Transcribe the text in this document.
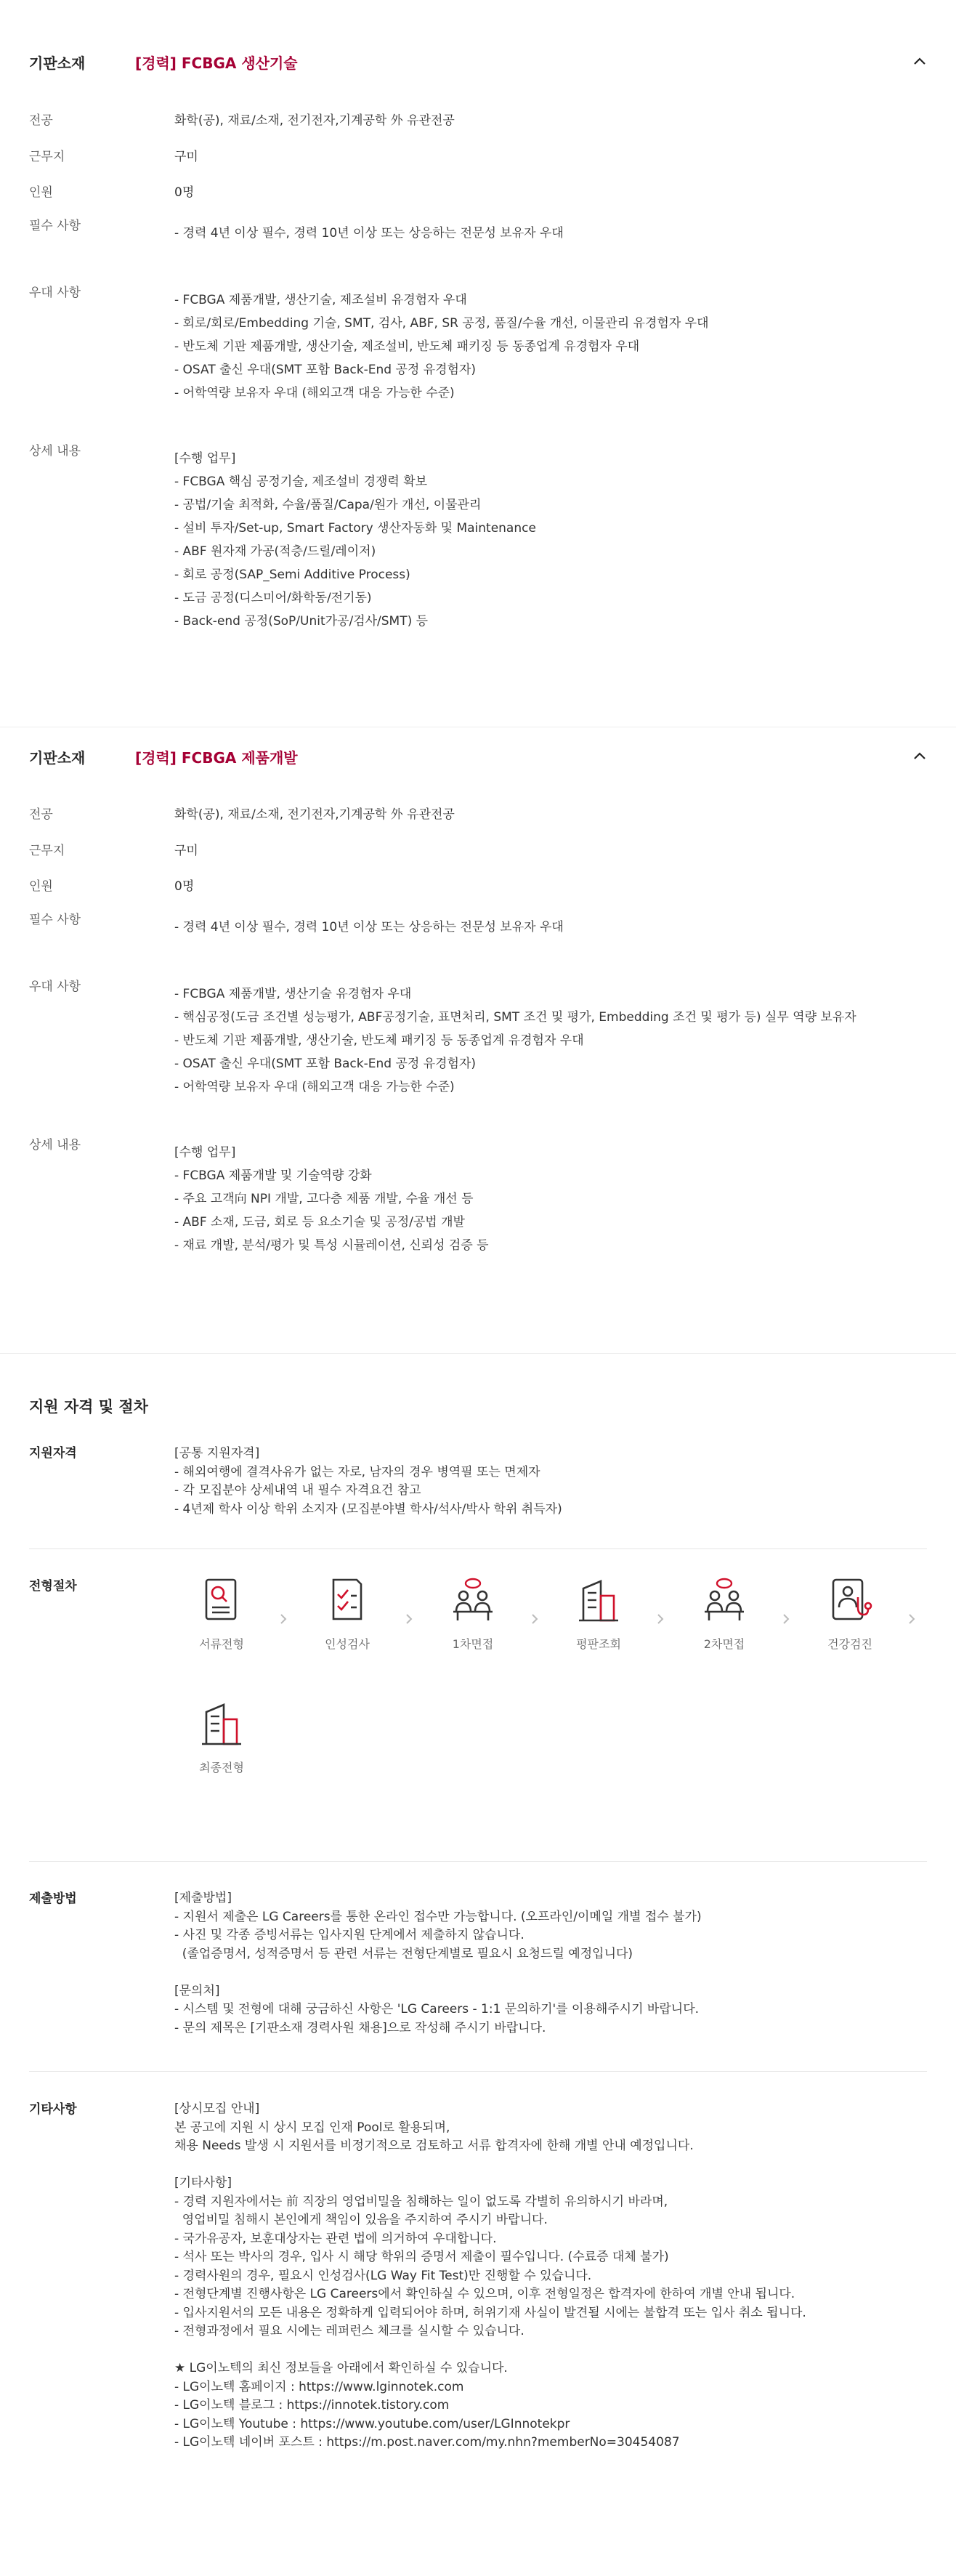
기판소재	[경력] FCBGA 생산기술
전공	화학(공), 재료/소재, 전기전자,기계공학 外 유관전공
근무지	구미
인원	0명
필수 사항	- 경력 4년 이상 필수, 경력 10년 이상 또는 상응하는 전문성 보유자 우대
우대 사항	- FCBGA 제품개발, 생산기술, 제조설비 유경험자 우대
- 회로/회로/Embedding 기술, SMT, 검사, ABF, SR 공정, 품질/수율 개선, 이물관리 유경험자 우대
- 반도체 기판 제품개발, 생산기술, 제조설비, 반도체 패키징 등 동종업계 유경험자 우대
- OSAT 출신 우대(SMT 포함 Back-End 공정 유경험자)
- 어학역량 보유자 우대 (해외고객 대응 가능한 수준)
상세 내용	[수행 업무]
- FCBGA 핵심 공정기술, 제조설비 경쟁력 확보
- 공법/기술 최적화, 수율/품질/Capa/원가 개선, 이물관리
- 설비 투자/Set-up, Smart Factory 생산자동화 및 Maintenance
- ABF 원자재 가공(적층/드릴/레이저)
- 회로 공정(SAP_Semi Additive Process)
- 도금 공정(디스미어/화학동/전기동)
- Back-end 공정(SoP/Unit가공/검사/SMT) 등
기판소재	[경력] FCBGA 제품개발
전공	화학(공), 재료/소재, 전기전자,기계공학 外 유관전공
근무지	구미
인원	0명
필수 사항	- 경력 4년 이상 필수, 경력 10년 이상 또는 상응하는 전문성 보유자 우대
우대 사항	- FCBGA 제품개발, 생산기술 유경험자 우대
- 핵심공정(도금 조건별 성능평가, ABF공정기술, 표면처리, SMT 조건 및 평가, Embedding 조건 및 평가 등) 실무 역량 보유자
- 반도체 기판 제품개발, 생산기술, 반도체 패키징 등 동종업계 유경험자 우대
- OSAT 출신 우대(SMT 포함 Back-End 공정 유경험자)
- 어학역량 보유자 우대 (해외고객 대응 가능한 수준)
상세 내용	[수행 업무]
- FCBGA 제품개발 및 기술역량 강화
- 주요 고객向 NPI 개발, 고다층 제품 개발, 수율 개선 등
- ABF 소재, 도금, 회로 등 요소기술 및 공정/공법 개발
- 재료 개발, 분석/평가 및 특성 시뮬레이션, 신뢰성 검증 등
지원 자격 및 절차
지원자격	[공통 지원자격]
- 해외여행에 결격사유가 없는 자로, 남자의 경우 병역필 또는 면제자
- 각 모집분야 상세내역 내 필수 자격요건 참고
- 4년제 학사 이상 학위 소지자 (모집분야별 학사/석사/박사 학위 취득자)
전형절차
서류전형	인성검사	1차면접	평판조회	2차면접	건강검진
최종전형
제출방법	[제출방법]
- 지원서 제출은 LG Careers를 통한 온라인 접수만 가능합니다. (오프라인/이메일 개별 접수 불가)
- 사진 및 각종 증빙서류는 입사지원 단계에서 제출하지 않습니다.
(졸업증명서, 성적증명서 등 관련 서류는 전형단계별로 필요시 요청드릴 예정입니다)

[문의처]
- 시스템 및 전형에 대해 궁금하신 사항은 'LG Careers - 1:1 문의하기'를 이용해주시기 바랍니다.
- 문의 제목은 [기판소재 경력사원 채용]으로 작성해 주시기 바랍니다.
기타사항	[상시모집 안내]
본 공고에 지원 시 상시 모집 인재 Pool로 활용되며,
채용 Needs 발생 시 지원서를 비정기적으로 검토하고 서류 합격자에 한해 개별 안내 예정입니다.

[기타사항]
- 경력 지원자에서는 前 직장의 영업비밀을 침해하는 일이 없도록 각별히 유의하시기 바라며,
영업비밀 침해시 본인에게 책임이 있음을 주지하여 주시기 바랍니다.
- 국가유공자, 보훈대상자는 관련 법에 의거하여 우대합니다.
- 석사 또는 박사의 경우, 입사 시 해당 학위의 증명서 제출이 필수입니다. (수료증 대체 불가)
- 경력사원의 경우, 필요시 인성검사(LG Way Fit Test)만 진행할 수 있습니다.
- 전형단계별 진행사항은 LG Careers에서 확인하실 수 있으며, 이후 전형일정은 합격자에 한하여 개별 안내 됩니다.
- 입사지원서의 모든 내용은 정확하게 입력되어야 하며, 허위기재 사실이 발견될 시에는 불합격 또는 입사 취소 됩니다.
- 전형과정에서 필요 시에는 레퍼런스 체크를 실시할 수 있습니다.

★ LG이노텍의 최신 정보들을 아래에서 확인하실 수 있습니다.
- LG이노텍 홈페이지 : https://www.lginnotek.com
- LG이노텍 블로그 : https://innotek.tistory.com
- LG이노텍 Youtube : https://www.youtube.com/user/LGInnotekpr
- LG이노텍 네이버 포스트 : https://m.post.naver.com/my.nhn?memberNo=30454087
